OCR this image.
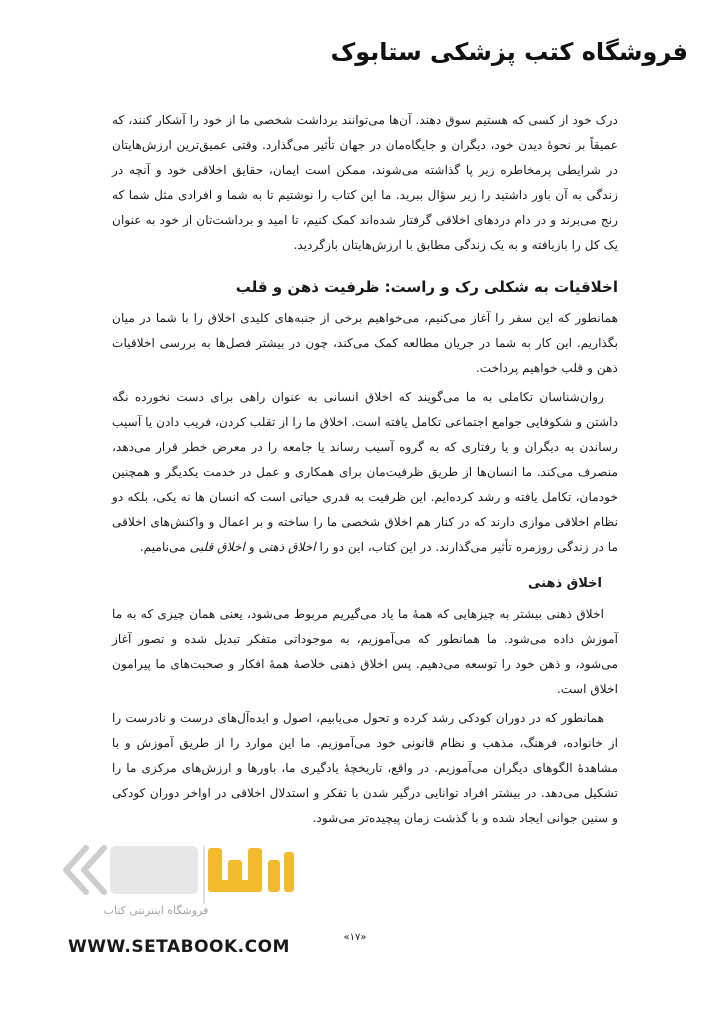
فروشگاه کتب پزشکی ستابوک

درک خود از کسی که هستیم سوق دهند. آن‌ها می‌توانند برداشت شخصی ما از خود را آشکار کنند، که عمیقاً بر نحوهٔ دیدن خود، دیگران و جایگاه‌مان در جهان تأثیر می‌گذارد. وقتی عمیق‌ترین ارزش‌هایتان در شرایطی پرمخاطره زیر پا گذاشته می‌شوند، ممکن است ایمان، حقایق اخلاقی خود و آنچه در زندگی به آن باور داشتید را زیر سؤال ببرید. ما این کتاب را نوشتیم تا به شما و افرادی مثل شما که رنج می‌برند و در دام دردهای اخلاقی گرفتار شده‌اند کمک کنیم، تا امید و برداشت‌تان از خود به عنوان یک کل را بازیافته و به یک زندگی مطابق با ارزش‌هایتان بازگردید.

اخلاقیات به شکلی رک و راست: ظرفیت ذهن و قلب

همانطور که این سفر را آغاز می‌کنیم، می‌خواهیم برخی از جنبه‌های کلیدی اخلاق را با شما در میان بگذاریم. این کار به شما در جریان مطالعه کمک می‌کند، چون در بیشتر فصل‌ها به بررسی اخلاقیات ذهن و قلب خواهیم پرداخت.

روان‌شناسان تکاملی به ما می‌گویند که اخلاق انسانی به عنوان راهی برای دست نخورده نگه داشتن و شکوفایی جوامع اجتماعی تکامل یافته است. اخلاق ما را از تقلب کردن، فریب دادن یا آسیب رساندن به دیگران و یا رفتاری که به گروه آسیب رساند یا جامعه را در معرض خطر قرار می‌دهد، منصرف می‌کند. ما انسان‌ها از طریق ظرفیت‌مان برای همکاری و عمل در خدمت یکدیگر و همچنین خودمان، تکامل یافته و رشد کرده‌ایم. این ظرفیت به قدری حیاتی است که انسان ها نه یکی، بلکه دو نظام اخلاقی موازی دارند که در کنار هم اخلاق شخصی ما را ساخته و بر اعمال و واکنش‌های اخلاقی ما در زندگی روزمره تأثیر می‌گذارند. در این کتاب، این دو را اخلاق ذهنی و اخلاق قلبی می‌نامیم.

اخلاق ذهنی

اخلاق ذهنی بیشتر به چیزهایی که همهٔ ما یاد می‌گیریم مربوط می‌شود، یعنی همان چیزی که به ما آموزش داده می‌شود. ما همانطور که می‌آموزیم، به موجوداتی متفکر تبدیل شده و تصور آغاز می‌شود، و ذهن خود را توسعه می‌دهیم. پس اخلاق ذهنی خلاصهٔ همهٔ افکار و صحبت‌های ما پیرامون اخلاق است.

همانطور که در دوران کودکی رشد کرده و تحول می‌یابیم، اصول و ایده‌آل‌های درست و نادرست را از خانواده، فرهنگ، مذهب و نظام قانونی خود می‌آموزیم. ما این موارد را از طریق آموزش و با مشاهدهٔ الگوهای دیگران می‌آموزیم. در واقع، تاریخچهٔ یادگیری ما، باورها و ارزش‌های مرکزی ما را تشکیل می‌دهد. در بیشتر افراد توانایی درگیر شدن با تفکر و استدلال اخلاقی در اواخر دوران کودکی و سنین جوانی ایجاد شده و با گذشت زمان پیچیده‌تر می‌شود.

«۱۷»
فروشگاه اینترنتی کتاب
WWW.SETABOOK.COM
